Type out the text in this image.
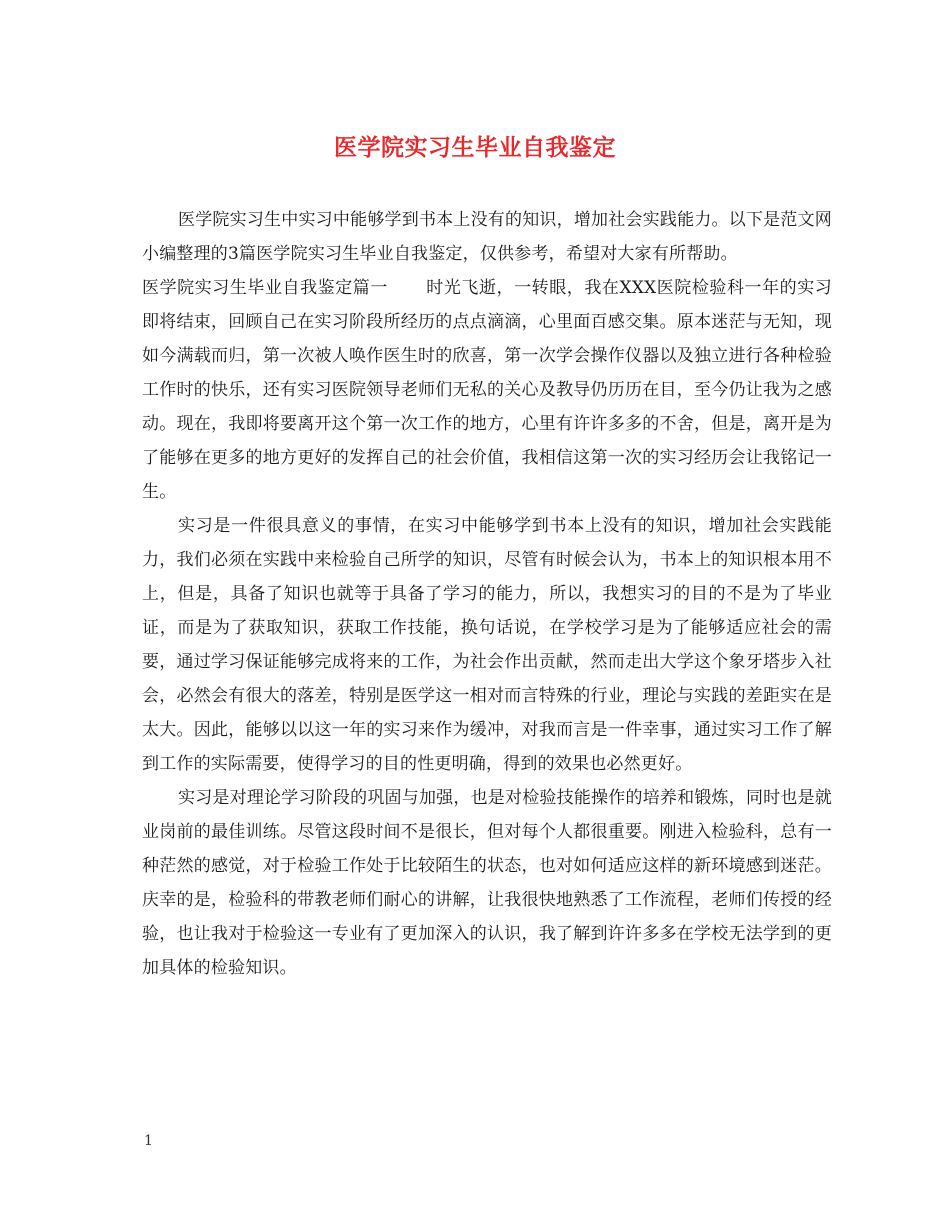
医学院实习生毕业自我鉴定

医学院实习生中实习中能够学到书本上没有的知识，增加社会实践能力。以下是范文网小编整理的3篇医学院实习生毕业自我鉴定，仅供参考，希望对大家有所帮助。

医学院实习生毕业自我鉴定篇一 时光飞逝，一转眼，我在XXX医院检验科一年的实习即将结束，回顾自己在实习阶段所经历的点点滴滴，心里面百感交集。原本迷茫与无知，现如今满载而归，第一次被人唤作医生时的欣喜，第一次学会操作仪器以及独立进行各种检验工作时的快乐，还有实习医院领导老师们无私的关心及教导仍历历在目，至今仍让我为之感动。现在，我即将要离开这个第一次工作的地方，心里有许许多多的不舍，但是，离开是为了能够在更多的地方更好的发挥自己的社会价值，我相信这第一次的实习经历会让我铭记一生。

实习是一件很具意义的事情，在实习中能够学到书本上没有的知识，增加社会实践能力，我们必须在实践中来检验自己所学的知识，尽管有时候会认为，书本上的知识根本用不上，但是，具备了知识也就等于具备了学习的能力，所以，我想实习的目的不是为了毕业证，而是为了获取知识，获取工作技能，换句话说，在学校学习是为了能够适应社会的需要，通过学习保证能够完成将来的工作，为社会作出贡献，然而走出大学这个象牙塔步入社会，必然会有很大的落差，特别是医学这一相对而言特殊的行业，理论与实践的差距实在是太大。因此，能够以以这一年的实习来作为缓冲，对我而言是一件幸事，通过实习工作了解到工作的实际需要，使得学习的目的性更明确，得到的效果也必然更好。

实习是对理论学习阶段的巩固与加强，也是对检验技能操作的培养和锻炼，同时也是就业岗前的最佳训练。尽管这段时间不是很长，但对每个人都很重要。刚进入检验科，总有一种茫然的感觉，对于检验工作处于比较陌生的状态，也对如何适应这样的新环境感到迷茫。庆幸的是，检验科的带教老师们耐心的讲解，让我很快地熟悉了工作流程，老师们传授的经验，也让我对于检验这一专业有了更加深入的认识，我了解到许许多多在学校无法学到的更加具体的检验知识。

1
